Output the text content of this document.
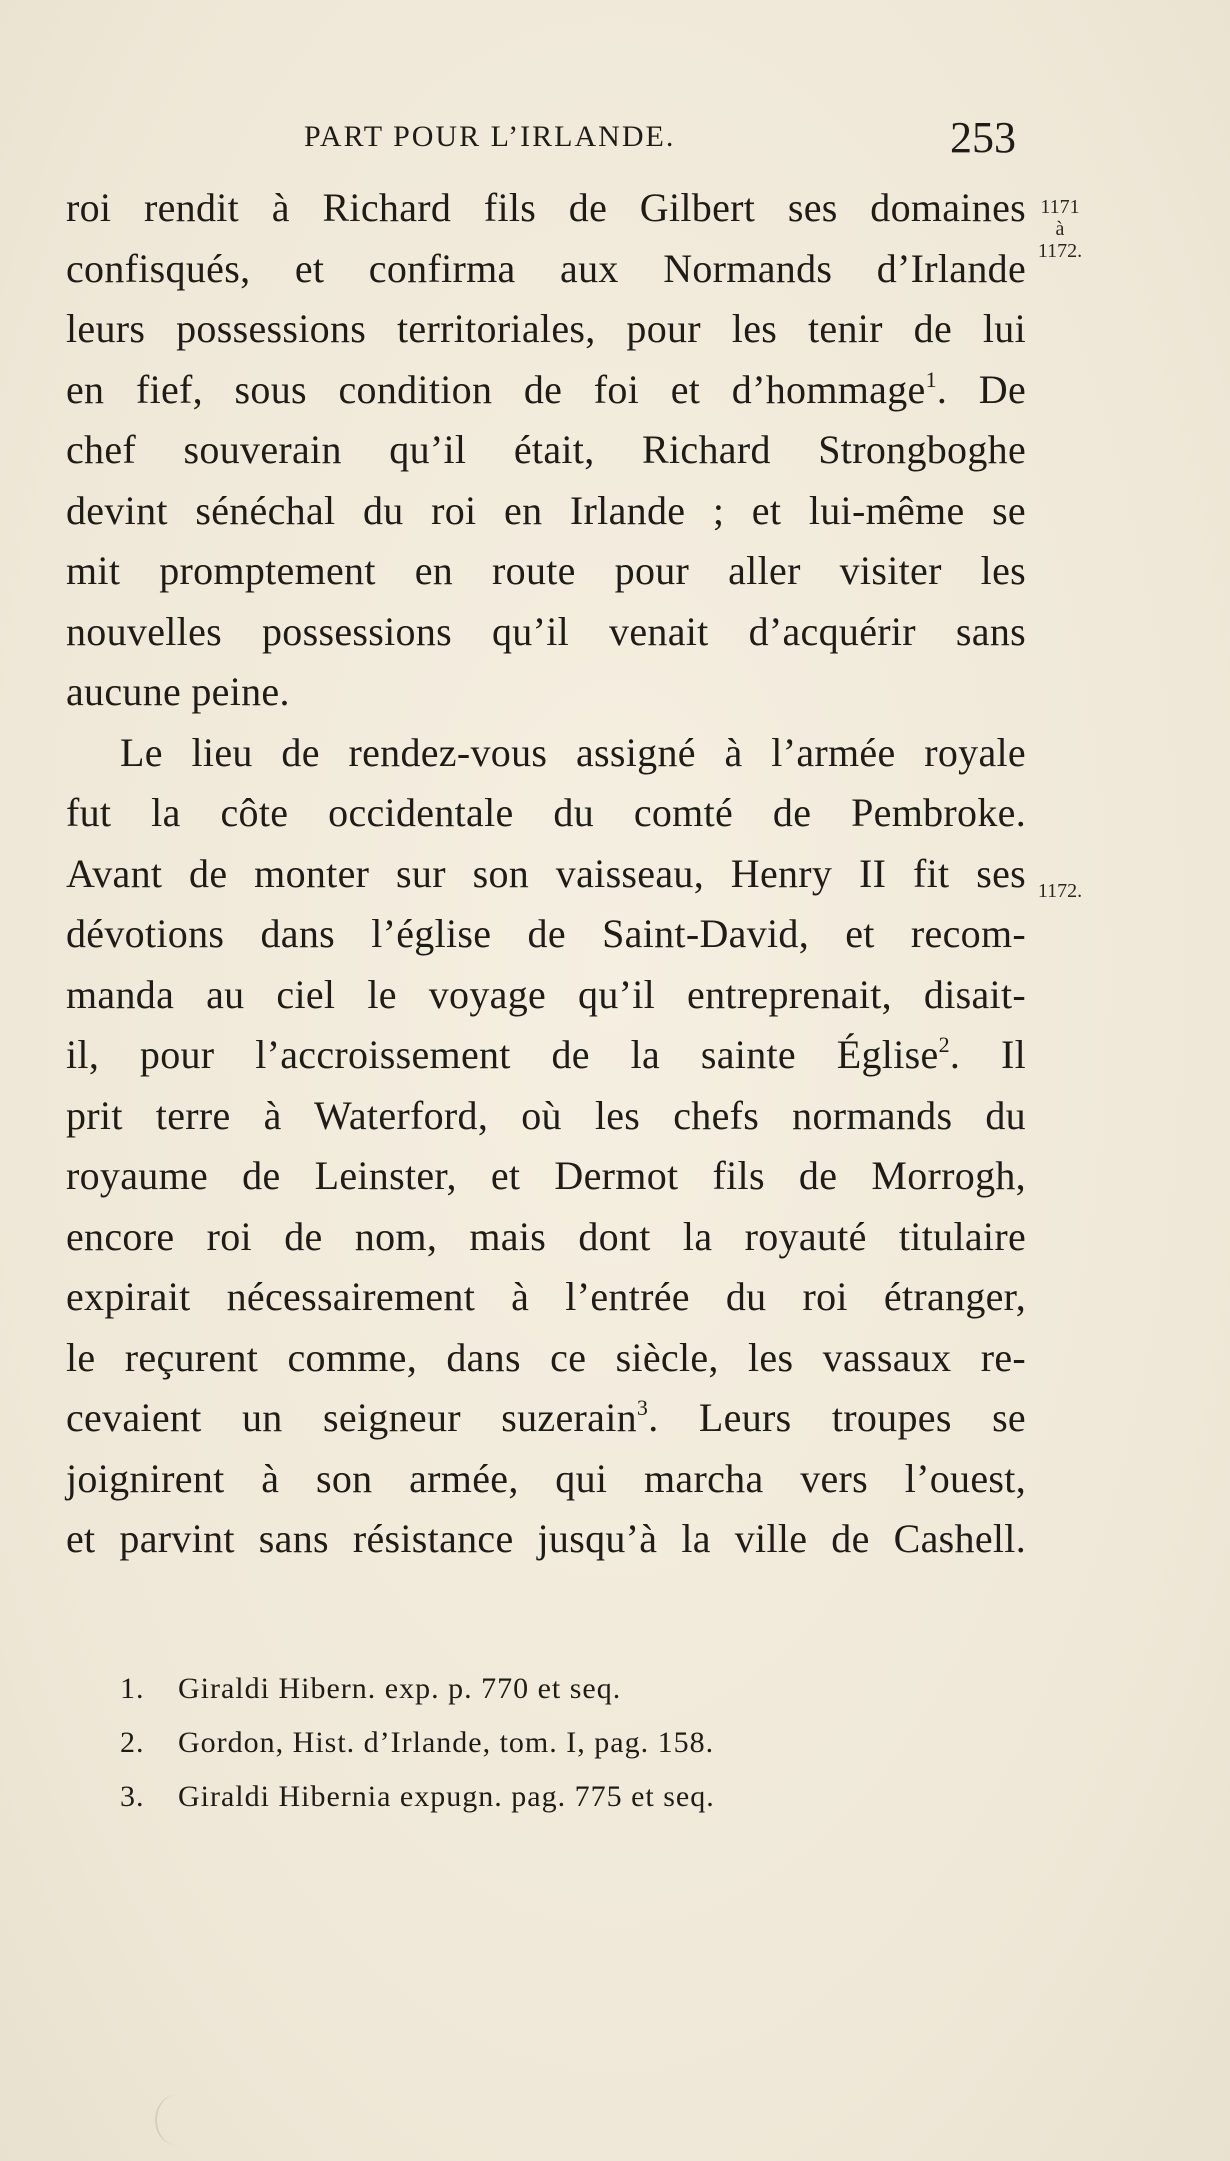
PART POUR L’IRLANDE.	253
1171
à
1172.
1172.
roi rendit à Richard fils de Gilbert ses domaines
confisqués, et confirma aux Normands d’Irlande
leurs possessions territoriales, pour les tenir de lui
en fief, sous condition de foi et d’hommage$^1$. De
chef souverain qu’il était, Richard Strongboghe
devint sénéchal du roi en Irlande ; et lui-même se
mit promptement en route pour aller visiter les
nouvelles possessions qu’il venait d’acquérir sans
aucune peine.
Le lieu de rendez-vous assigné à l’armée royale
fut la côte occidentale du comté de Pembroke.
Avant de monter sur son vaisseau, Henry II fit ses
dévotions dans l’église de Saint-David, et recom-
manda au ciel le voyage qu’il entreprenait, disait-
il, pour l’accroissement de la sainte Église$^2$. Il
prit terre à Waterford, où les chefs normands du
royaume de Leinster, et Dermot fils de Morrogh,
encore roi de nom, mais dont la royauté titulaire
expirait nécessairement à l’entrée du roi étranger,
le reçurent comme, dans ce siècle, les vassaux re-
cevaient un seigneur suzerain$^3$. Leurs troupes se
joignirent à son armée, qui marcha vers l’ouest,
et parvint sans résistance jusqu’à la ville de Cashell.
1. Giraldi Hibern. exp. p. 770 et seq.
2. Gordon, Hist. d’Irlande, tom. I, pag. 158.
3. Giraldi Hibernia expugn. pag. 775 et seq.
